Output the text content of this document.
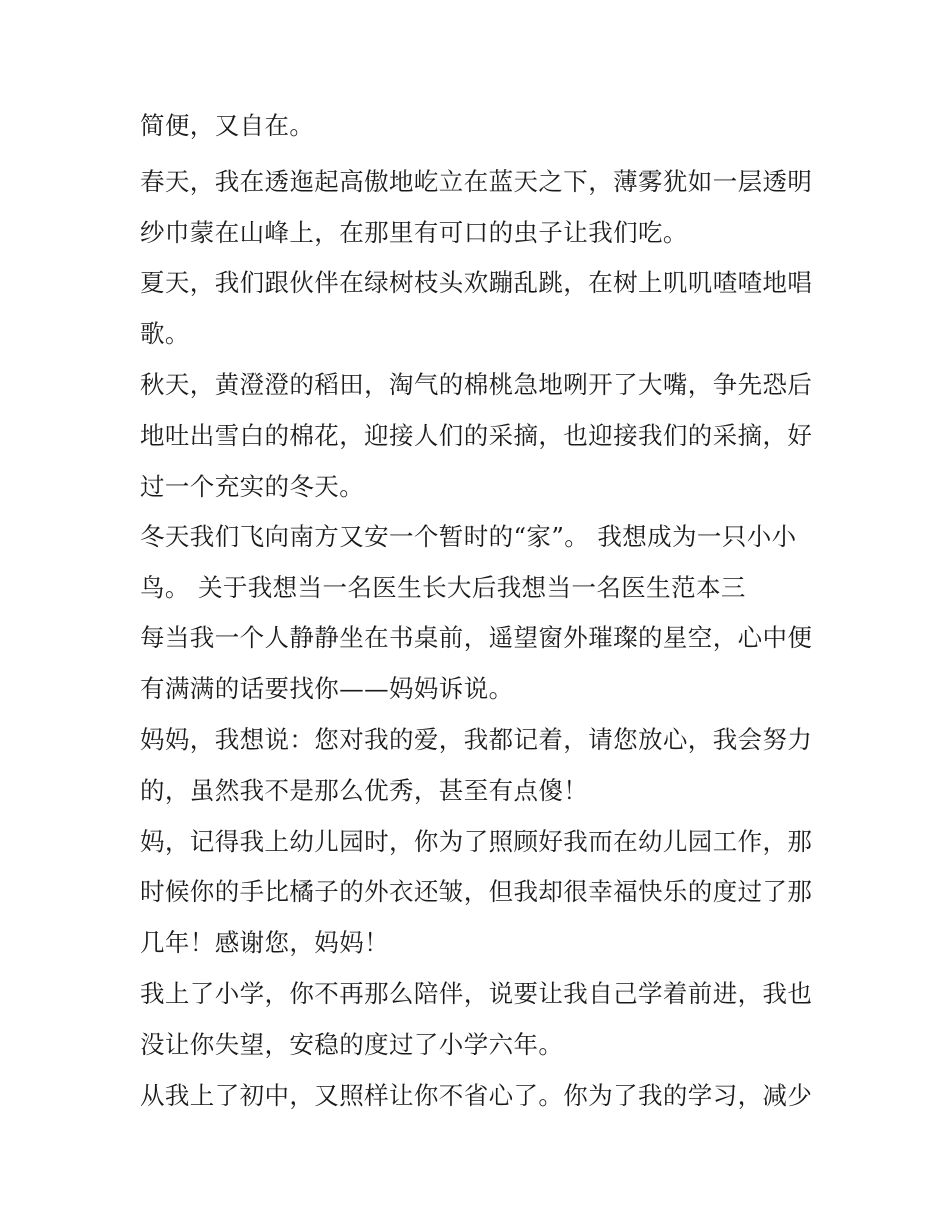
简便，又自在。

春天，我在透迤起高傲地屹立在蓝天之下，薄雾犹如一层透明

纱巾蒙在山峰上，在那里有可口的虫子让我们吃。

夏天，我们跟伙伴在绿树枝头欢蹦乱跳，在树上叽叽喳喳地唱

歌。

秋天，黄澄澄的稻田，淘气的棉桃急地咧开了大嘴，争先恐后

地吐出雪白的棉花，迎接人们的采摘，也迎接我们的采摘，好

过一个充实的冬天。

冬天我们飞向南方又安一个暂时的“家”。 我想成为一只小小

鸟。 关于我想当一名医生长大后我想当一名医生范本三

每当我一个人静静坐在书桌前，遥望窗外璀璨的星空，心中便

有满满的话要找你——妈妈诉说。

妈妈，我想说：您对我的爱，我都记着，请您放心，我会努力

的，虽然我不是那么优秀，甚至有点傻！

妈，记得我上幼儿园时，你为了照顾好我而在幼儿园工作，那

时候你的手比橘子的外衣还皱，但我却很幸福快乐的度过了那

几年！感谢您，妈妈！

我上了小学，你不再那么陪伴，说要让我自己学着前进，我也

没让你失望，安稳的度过了小学六年。

从我上了初中，又照样让你不省心了。你为了我的学习，减少
